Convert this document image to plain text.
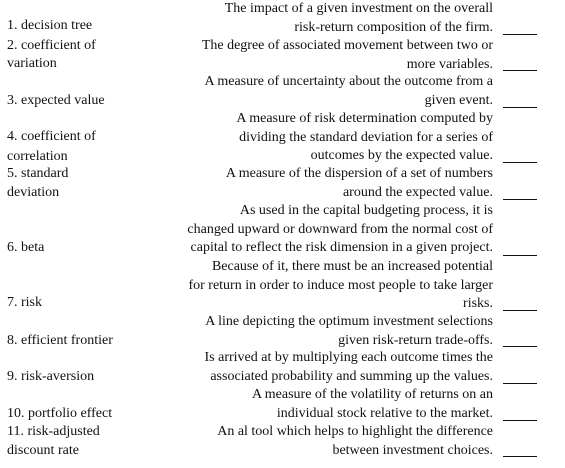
1. decision tree
2. coefficient of
variation
3. expected value
4. coefficient of
correlation
5. standard
deviation
6. beta
7. risk
8. efficient frontier
9. risk-aversion
10. portfolio effect
11. risk-adjusted
discount rate
The impact of a given investment on the overall
risk-return composition of the firm.
The degree of associated movement between two or
more variables.
A measure of uncertainty about the outcome from a
given event.
A measure of risk determination computed by
dividing the standard deviation for a series of
outcomes by the expected value.
A measure of the dispersion of a set of numbers
around the expected value.
As used in the capital budgeting process, it is
changed upward or downward from the normal cost of
capital to reflect the risk dimension in a given project.
Because of it, there must be an increased potential
for return in order to induce most people to take larger
risks.
A line depicting the optimum investment selections
given risk-return trade-offs.
Is arrived at by multiplying each outcome times the
associated probability and summing up the values.
A measure of the volatility of returns on an
individual stock relative to the market.
An al tool which helps to highlight the difference
between investment choices.
